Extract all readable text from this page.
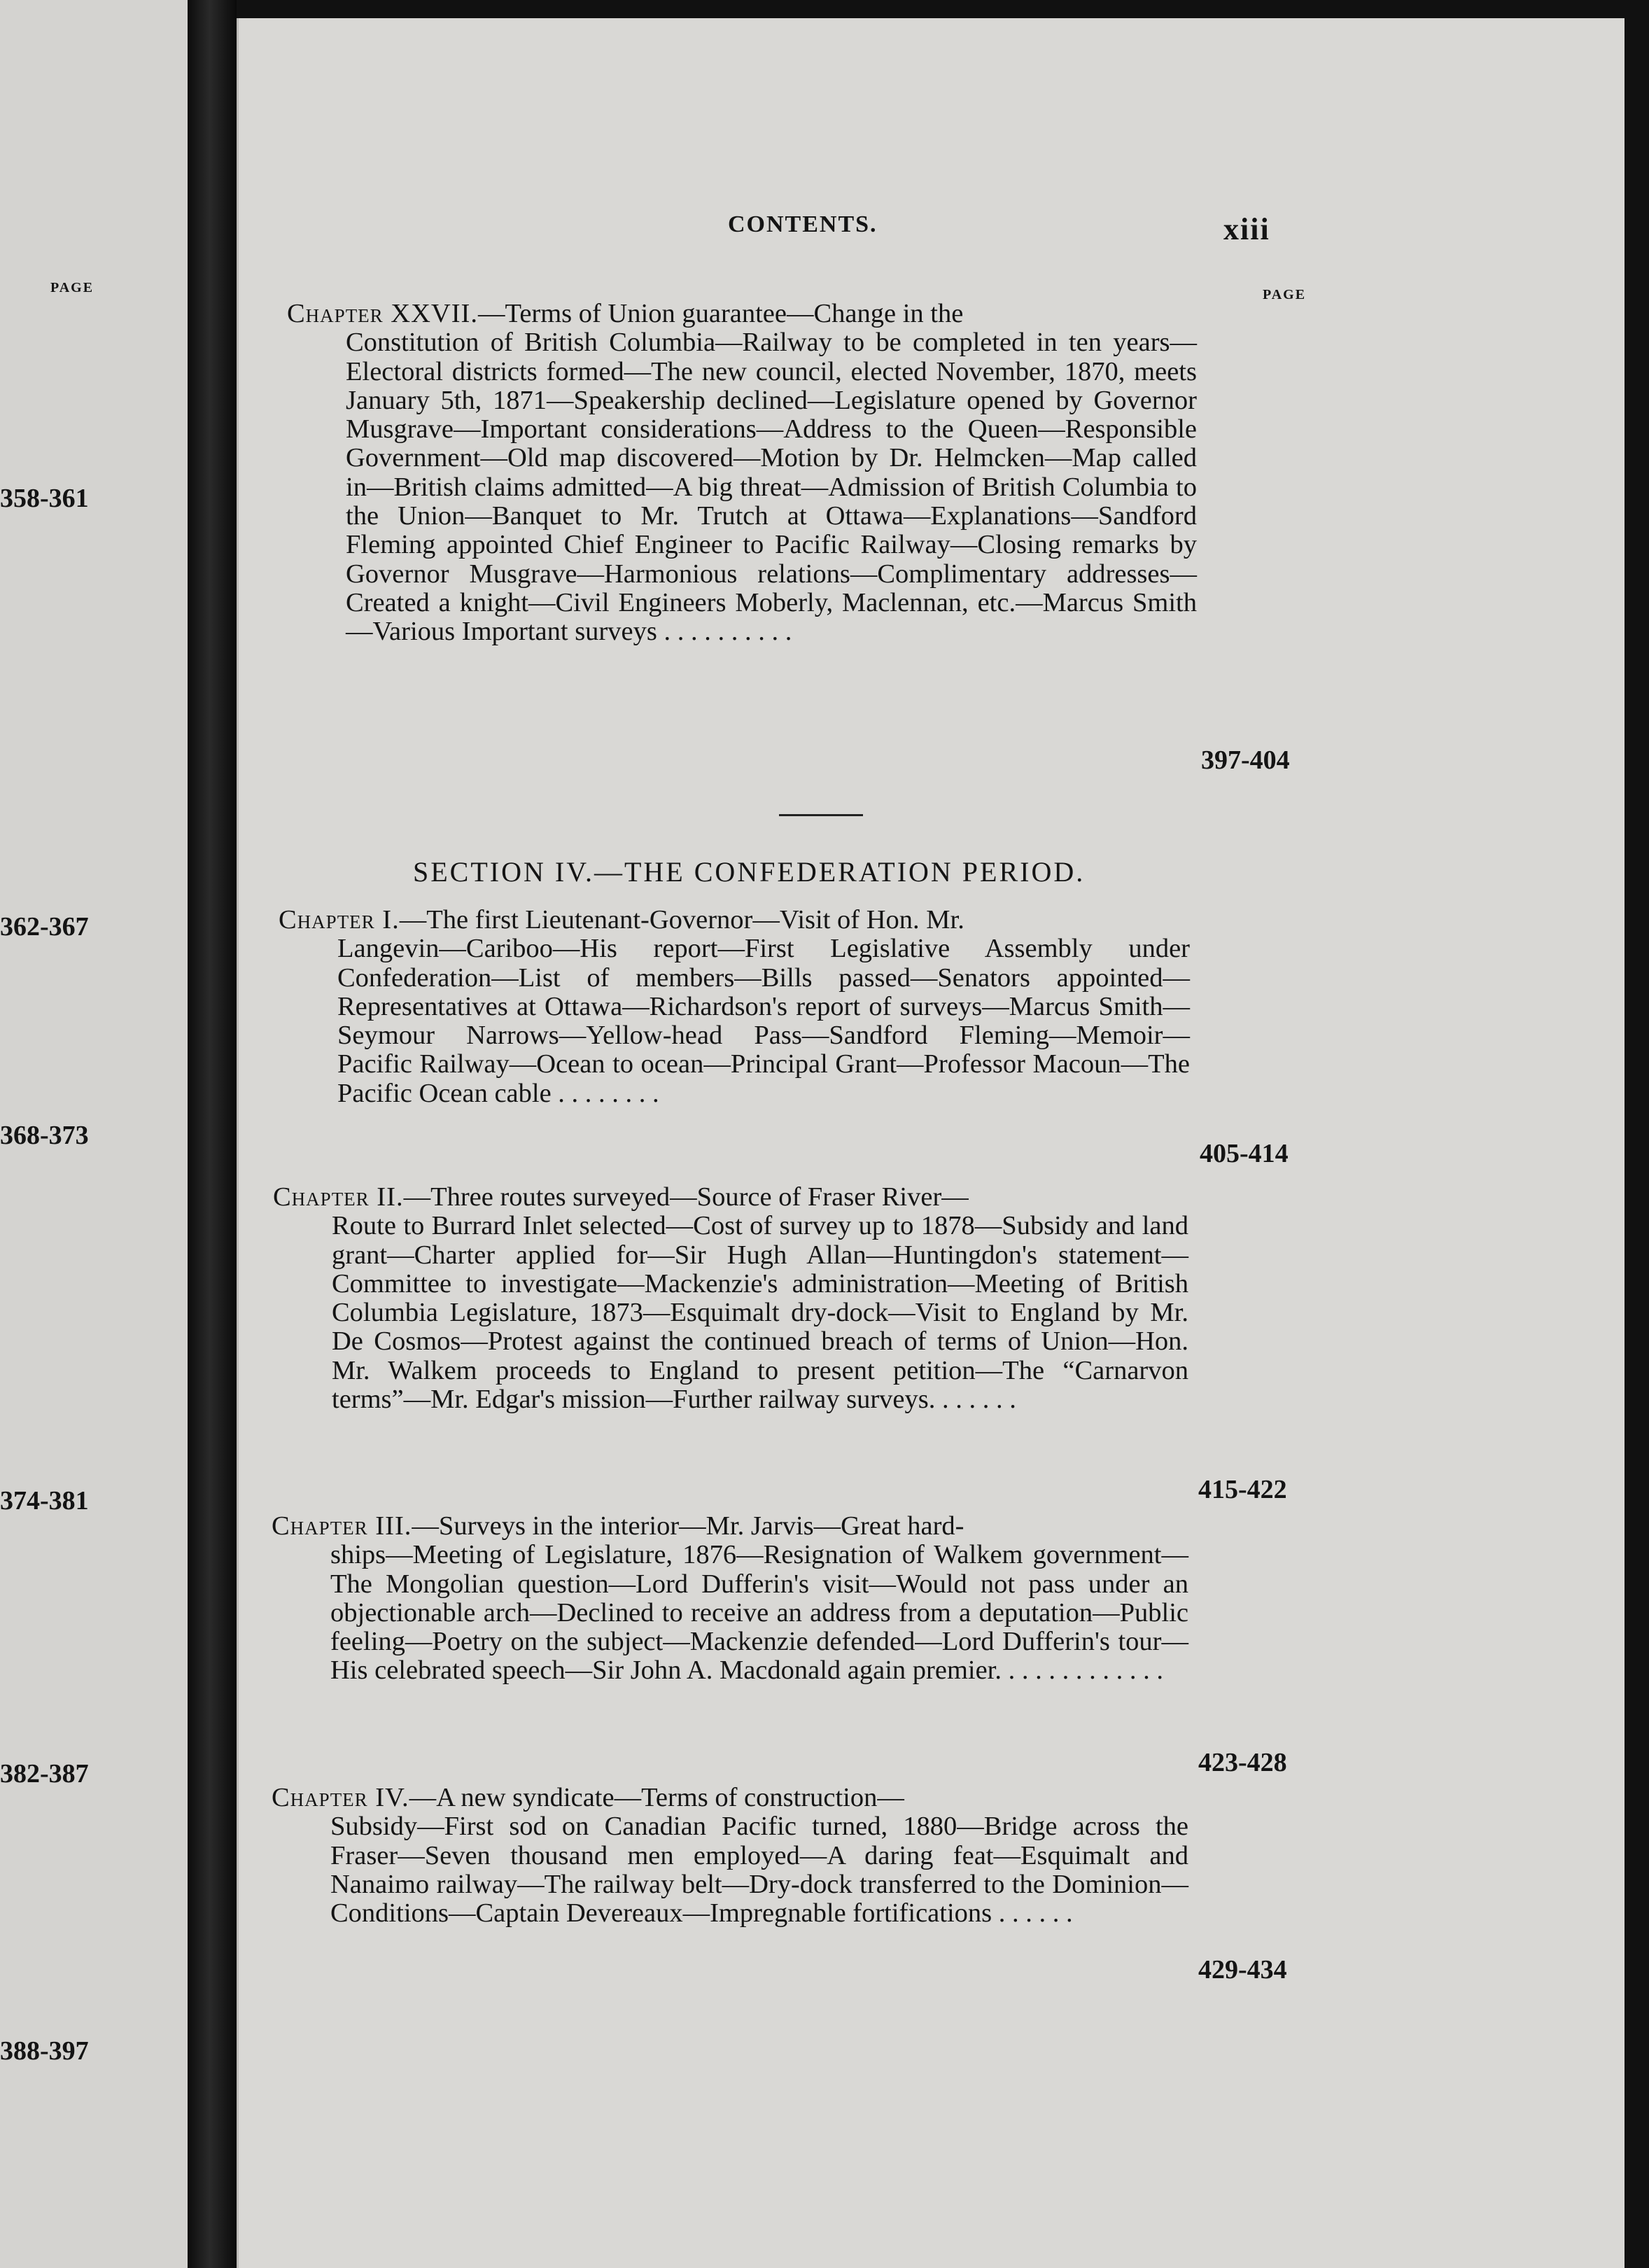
PAGE
358-361
362-367
368-373
374-381
382-387
388-397
CONTENTS.	xiii
PAGE
Chapter XXVII.—Terms of Union guarantee—Change in the
Constitution of British Columbia—Railway to be completed in ten years—Electoral districts formed—The new council, elected November, 1870, meets January 5th, 1871—Speakership declined—Legislature opened by Governor Musgrave—Important considerations—Address to the Queen—Responsible Government—Old map discovered—Motion by Dr. Helmcken—Map called in—British claims admitted—A big threat—Admission of British Columbia to the Union—Banquet to Mr. Trutch at Ottawa—Explanations—Sandford Fleming appointed Chief Engineer to Pacific Railway—Closing remarks by Governor Musgrave—Harmonious relations—Complimentary addresses—Created a knight—Civil Engineers Moberly, Maclennan, etc.—Marcus Smith—Various Important surveys . . . . . . . . . .
397-404
SECTION IV.—THE CONFEDERATION PERIOD.
Chapter I.—The first Lieutenant-Governor—Visit of Hon. Mr.
Langevin—Cariboo—His report—First Legislative Assembly under Confederation—List of members—Bills passed—Senators appointed—Representatives at Ottawa—Richardson's report of surveys—Marcus Smith—Seymour Narrows—Yellow-head Pass—Sandford Fleming—Memoir—Pacific Railway—Ocean to ocean—Principal Grant—Professor Macoun—The Pacific Ocean cable . . . . . . . .
405-414
Chapter II.—Three routes surveyed—Source of Fraser River—
Route to Burrard Inlet selected—Cost of survey up to 1878—Subsidy and land grant—Charter applied for—Sir Hugh Allan—Huntingdon's statement—Committee to investigate—Mackenzie's administration—Meeting of British Columbia Legislature, 1873—Esquimalt dry-dock—Visit to England by Mr. De Cosmos—Protest against the continued breach of terms of Union—Hon. Mr. Walkem proceeds to England to present petition—The “Carnarvon terms”—Mr. Edgar's mission—Further railway surveys. . . . . . .
415-422
Chapter III.—Surveys in the interior—Mr. Jarvis—Great hard-
ships—Meeting of Legislature, 1876—Resignation of Walkem government—The Mongolian question—Lord Dufferin's visit—Would not pass under an objectionable arch—Declined to receive an address from a deputation—Public feeling—Poetry on the subject—Mackenzie defended—Lord Dufferin's tour—His celebrated speech—Sir John A. Macdonald again premier. . . . . . . . . . . . .
423-428
Chapter IV.—A new syndicate—Terms of construction—
Subsidy—First sod on Canadian Pacific turned, 1880—Bridge across the Fraser—Seven thousand men employed—A daring feat—Esquimalt and Nanaimo railway—The railway belt—Dry-dock transferred to the Dominion—Conditions—Captain Devereaux—Impregnable fortifications . . . . . .
429-434
